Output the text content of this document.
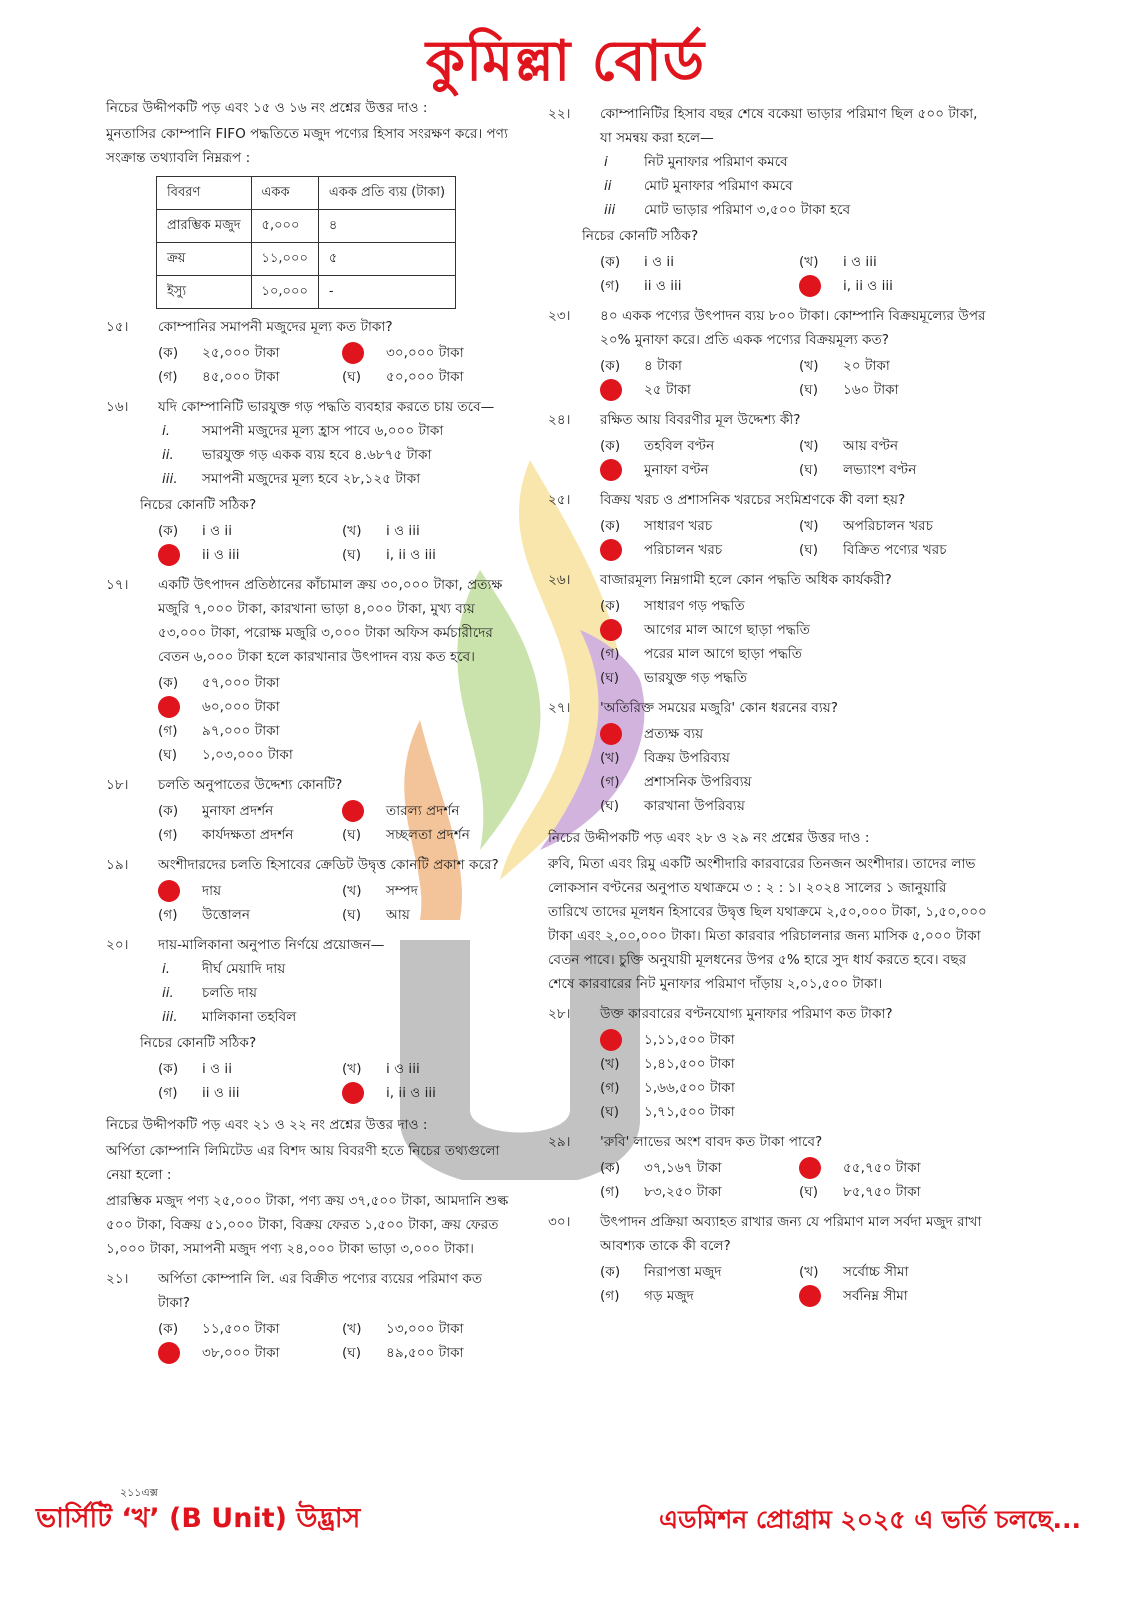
কুমিল্লা বোর্ড
নিচের উদ্দীপকটি পড় এবং ১৫ ও ১৬ নং প্রশ্নের উত্তর দাও :
মুনতাসির কোম্পানি FIFO পদ্ধতিতে মজুদ পণ্যের হিসাব সংরক্ষণ করে। পণ্য সংক্রান্ত তথ্যাবলি নিম্নরূপ :
বিবরণ	একক	একক প্রতি ব্যয় (টাকা)
প্রারম্ভিক মজুদ	৫,০০০	৪
ক্রয়	১১,০০০	৫
ইস্যু	১০,০০০	-
১৫।	কোম্পানির সমাপনী মজুদের মূল্য কত টাকা?
(ক)	২৫,০০০ টাকা	৩০,০০০ টাকা
(গ)	৪৫,০০০ টাকা	(ঘ)	৫০,০০০ টাকা
১৬।	যদি কোম্পানিটি ভারযুক্ত গড় পদ্ধতি ব্যবহার করতে চায় তবে—
i.	সমাপনী মজুদের মূল্য হ্রাস পাবে ৬,০০০ টাকা
ii.	ভারযুক্ত গড় একক ব্যয় হবে ৪.৬৮৭৫ টাকা
iii.	সমাপনী মজুদের মূল্য হবে ২৮,১২৫ টাকা
নিচের কোনটি সঠিক?
(ক)	i ও ii	(খ)	i ও iii
ii ও iii	(ঘ)	i, ii ও iii
১৭।	একটি উৎপাদন প্রতিষ্ঠানের কাঁচামাল ক্রয় ৩০,০০০ টাকা, প্রত্যক্ষ মজুরি ৭,০০০ টাকা, কারখানা ভাড়া ৪,০০০ টাকা, মুখ্য ব্যয় ৫৩,০০০ টাকা, পরোক্ষ মজুরি ৩,০০০ টাকা অফিস কর্মচারীদের বেতন ৬,০০০ টাকা হলে কারখানার উৎপাদন ব্যয় কত হবে।
(ক)	৫৭,০০০ টাকা
৬০,০০০ টাকা
(গ)	৯৭,০০০ টাকা
(ঘ)	১,০৩,০০০ টাকা
১৮।	চলতি অনুপাতের উদ্দেশ্য কোনটি?
(ক)	মুনাফা প্রদর্শন	তারল্য প্রদর্শন
(গ)	কার্যদক্ষতা প্রদর্শন	(ঘ)	সচ্ছলতা প্রদর্শন
১৯।	অংশীদারদের চলতি হিসাবের ক্রেডিট উদ্বৃত্ত কোনটি প্রকাশ করে?
দায়	(খ)	সম্পদ
(গ)	উত্তোলন	(ঘ)	আয়
২০।	দায়-মালিকানা অনুপাত নির্ণয়ে প্রয়োজন—
i.	দীর্ঘ মেয়াদি দায়
ii.	চলতি দায়
iii.	মালিকানা তহবিল
নিচের কোনটি সঠিক?
(ক)	i ও ii	(খ)	i ও iii
(গ)	ii ও iii	i, ii ও iii
নিচের উদ্দীপকটি পড় এবং ২১ ও ২২ নং প্রশ্নের উত্তর দাও :
অর্পিতা কোম্পানি লিমিটেড এর বিশদ আয় বিবরণী হতে নিচের তথ্যগুলো নেয়া হলো :
প্রারম্ভিক মজুদ পণ্য ২৫,০০০ টাকা, পণ্য ক্রয় ৩৭,৫০০ টাকা, আমদানি শুল্ক ৫০০ টাকা, বিক্রয় ৫১,০০০ টাকা, বিক্রয় ফেরত ১,৫০০ টাকা, ক্রয় ফেরত ১,০০০ টাকা, সমাপনী মজুদ পণ্য ২৪,০০০ টাকা ভাড়া ৩,০০০ টাকা।
২১।	অর্পিতা কোম্পানি লি. এর বিক্রীত পণ্যের ব্যয়ের পরিমাণ কত টাকা?
(ক)	১১,৫০০ টাকা	(খ)	১৩,০০০ টাকা
৩৮,০০০ টাকা	(ঘ)	৪৯,৫০০ টাকা
২২।	কোম্পানিটির হিসাব বছর শেষে বকেয়া ভাড়ার পরিমাণ ছিল ৫০০ টাকা, যা সমন্বয় করা হলে—
i	নিট মুনাফার পরিমাণ কমবে
ii	মোট মুনাফার পরিমাণ কমবে
iii	মোট ভাড়ার পরিমাণ ৩,৫০০ টাকা হবে
নিচের কোনটি সঠিক?
(ক)	i ও ii	(খ)	i ও iii
(গ)	ii ও iii	i, ii ও iii
২৩।	৪০ একক পণ্যের উৎপাদন ব্যয় ৮০০ টাকা। কোম্পানি বিক্রয়মূল্যের উপর ২০% মুনাফা করে। প্রতি একক পণ্যের বিক্রয়মূল্য কত?
(ক)	৪ টাকা	(খ)	২০ টাকা
২৫ টাকা	(ঘ)	১৬০ টাকা
২৪।	রক্ষিত আয় বিবরণীর মূল উদ্দেশ্য কী?
(ক)	তহবিল বণ্টন	(খ)	আয় বণ্টন
মুনাফা বণ্টন	(ঘ)	লভ্যাংশ বণ্টন
২৫।	বিক্রয় খরচ ও প্রশাসনিক খরচের সংমিশ্রণকে কী বলা হয়?
(ক)	সাধারণ খরচ	(খ)	অপরিচালন খরচ
পরিচালন খরচ	(ঘ)	বিক্রিত পণ্যের খরচ
২৬।	বাজারমূল্য নিম্নগামী হলে কোন পদ্ধতি অধিক কার্যকরী?
(ক)	সাধারণ গড় পদ্ধতি
আগের মাল আগে ছাড়া পদ্ধতি
(গ)	পরের মাল আগে ছাড়া পদ্ধতি
(ঘ)	ভারযুক্ত গড় পদ্ধতি
২৭।	'অতিরিক্ত সময়ের মজুরি' কোন ধরনের ব্যয়?
প্রত্যক্ষ ব্যয়
(খ)	বিক্রয় উপরিব্যয়
(গ)	প্রশাসনিক উপরিব্যয়
(ঘ)	কারখানা উপরিব্যয়
নিচের উদ্দীপকটি পড় এবং ২৮ ও ২৯ নং প্রশ্নের উত্তর দাও :
রুবি, মিতা এবং রিমু একটি অংশীদারি কারবারের তিনজন অংশীদার। তাদের লাভ লোকসান বণ্টনের অনুপাত যথাক্রমে ৩ : ২ : ১। ২০২৪ সালের ১ জানুয়ারি তারিখে তাদের মূলধন হিসাবের উদ্বৃত্ত ছিল যথাক্রমে ২,৫০,০০০ টাকা, ১,৫০,০০০ টাকা এবং ২,০০,০০০ টাকা। মিতা কারবার পরিচালনার জন্য মাসিক ৫,০০০ টাকা বেতন পাবে। চুক্তি অনুযায়ী মূলধনের উপর ৫% হারে সুদ ধার্য করতে হবে। বছর শেষে কারবারের নিট মুনাফার পরিমাণ দাঁড়ায় ২,০১,৫০০ টাকা।
২৮।	উক্ত কারবারের বণ্টনযোগ্য মুনাফার পরিমাণ কত টাকা?
১,১১,৫০০ টাকা
(খ)	১,৪১,৫০০ টাকা
(গ)	১,৬৬,৫০০ টাকা
(ঘ)	১,৭১,৫০০ টাকা
২৯।	'রুবি' লাভের অংশ বাবদ কত টাকা পাবে?
(ক)	৩৭,১৬৭ টাকা	৫৫,৭৫০ টাকা
(গ)	৮৩,২৫০ টাকা	(ঘ)	৮৫,৭৫০ টাকা
৩০।	উৎপাদন প্রক্রিয়া অব্যাহত রাখার জন্য যে পরিমাণ মাল সর্বদা মজুদ রাখা আবশ্যক তাকে কী বলে?
(ক)	নিরাপত্তা মজুদ	(খ)	সর্বোচ্চ সীমা
(গ)	গড় মজুদ	সর্বনিম্ন সীমা
২১১এক্স
ভার্সিটি ‘খ’ (B Unit) উদ্ভ্রাস	এডমিশন প্রোগ্রাম ২০২৫ এ ভর্তি চলছে...
